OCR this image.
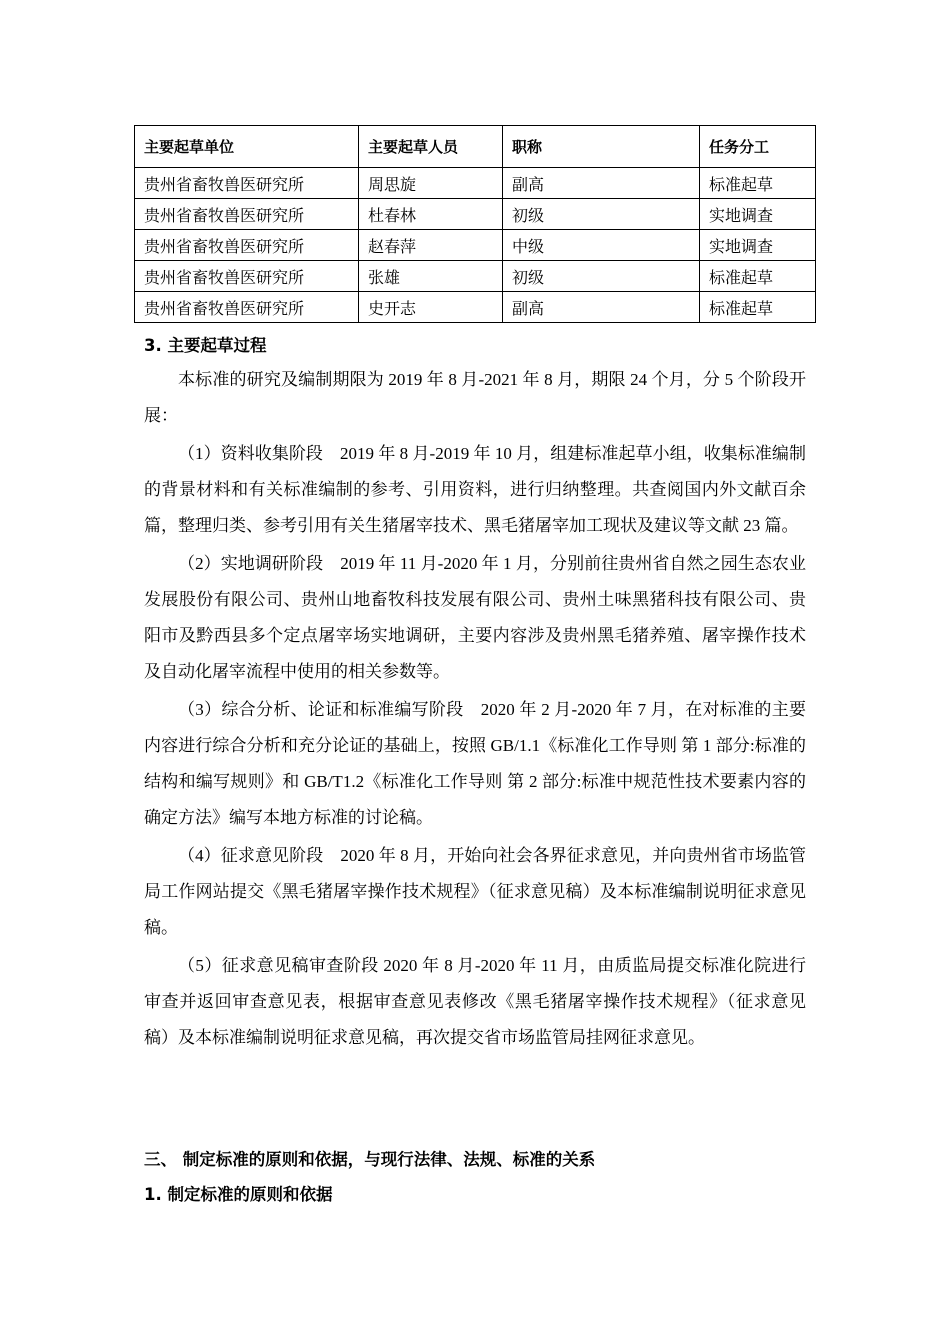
主要起草单位	主要起草人员	职称	任务分工
贵州省畜牧兽医研究所	周思旋	副高	标准起草
贵州省畜牧兽医研究所	杜春林	初级	实地调查
贵州省畜牧兽医研究所	赵春萍	中级	实地调查
贵州省畜牧兽医研究所	张雄	初级	标准起草
贵州省畜牧兽医研究所	史开志	副高	标准起草
3. 主要起草过程

本标准的研究及编制期限为 2019 年 8 月-2021 年 8 月，期限 24 个月，分 5 个阶段开展：

（1）资料收集阶段　2019 年 8 月-2019 年 10 月，组建标准起草小组，收集标准编制的背景材料和有关标准编制的参考、引用资料，进行归纳整理。共查阅国内外文献百余篇，整理归类、参考引用有关生猪屠宰技术、黑毛猪屠宰加工现状及建议等文献 23 篇。

（2）实地调研阶段　2019 年 11 月-2020 年 1 月，分别前往贵州省自然之园生态农业发展股份有限公司、贵州山地畜牧科技发展有限公司、贵州土味黑猪科技有限公司、贵阳市及黔西县多个定点屠宰场实地调研，主要内容涉及贵州黑毛猪养殖、屠宰操作技术及自动化屠宰流程中使用的相关参数等。

（3）综合分析、论证和标准编写阶段　2020 年 2 月-2020 年 7 月，在对标准的主要内容进行综合分析和充分论证的基础上，按照 GB/1.1《标准化工作导则 第 1 部分:标准的结构和编写规则》和 GB/T1.2《标准化工作导则 第 2 部分:标准中规范性技术要素内容的确定方法》编写本地方标准的讨论稿。

（4）征求意见阶段　2020 年 8 月，开始向社会各界征求意见，并向贵州省市场监管局工作网站提交《黑毛猪屠宰操作技术规程》（征求意见稿）及本标准编制说明征求意见稿。

（5）征求意见稿审查阶段 2020 年 8 月-2020 年 11 月，由质监局提交标准化院进行审查并返回审查意见表，根据审查意见表修改《黑毛猪屠宰操作技术规程》（征求意见稿）及本标准编制说明征求意见稿，再次提交省市场监管局挂网征求意见。

三、 制定标准的原则和依据，与现行法律、法规、标准的关系
1. 制定标准的原则和依据
